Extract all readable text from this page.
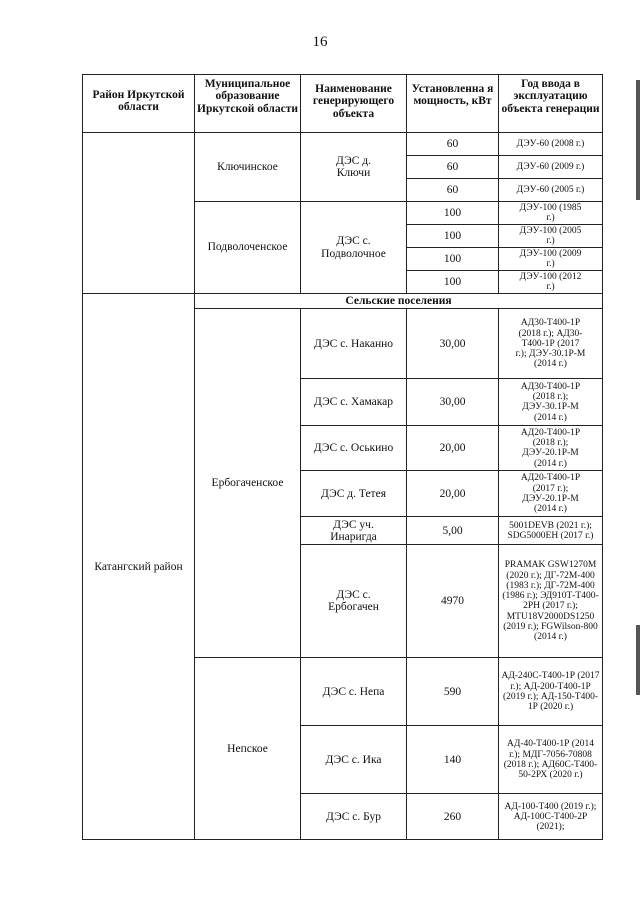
16
Район Иркутской области	Муниципальное образование Иркутской области	Наименование генерирующего объекта	Установленна я мощность, кВт	Год ввода в эксплуатацию объекта генерации
	Ключинское	ДЭС д. Ключи	60	ДЭУ-60 (2008 г.)
			60	ДЭУ-60 (2009 г.)
			60	ДЭУ-60 (2005 г.)
	Подволоченское	ДЭС с. Подволочное	100	ДЭУ-100 (1985 г.)
			100	ДЭУ-100 (2005 г.)
			100	ДЭУ-100 (2009 г.)
			100	ДЭУ-100 (2012 г.)
Катангский район	Сельские поселения			
	Ербогаченское	ДЭС с. Наканно	30,00	АД30-Т400-1Р (2018 г.); АД30-Т400-1Р (2017 г.); ДЭУ-30.1Р-М (2014 г.)
		ДЭС с. Хамакар	30,00	АД30-Т400-1Р (2018 г.); ДЭУ-30.1Р-М (2014 г.)
		ДЭС с. Оськино	20,00	АД20-Т400-1Р (2018 г.); ДЭУ-20.1Р-М (2014 г.)
		ДЭС д. Тетея	20,00	АД20-Т400-1Р (2017 г.); ДЭУ-20.1Р-М (2014 г.)
		ДЭС уч. Инаригда	5,00	5001DEVB (2021 г.); SDG5000EH (2017 г.)
		ДЭС с. Ербогачен	4970	PRAMAK GSW1270M (2020 г.); ДГ-72М-400 (1983 г.); ДГ-72М-400 (1986 г.); ЭД910Т-Т400-2РН (2017 г.); MTU18V2000DS1250 (2019 г.); FGWilson-800 (2014 г.)
	Непское	ДЭС с. Непа	590	АД-240С-Т400-1Р (2017 г.); АД-200-Т400-1Р (2019 г.); АД-150-Т400-1Р (2020 г.)
		ДЭС с. Ика	140	АД-40-Т400-1Р (2014 г.); МДГ-7056-70808 (2018 г.); АД60С-Т400-50-2РХ (2020 г.)
		ДЭС с. Бур	260	АД-100-Т400 (2019 г.); АД-100С-Т400-2Р (2021);
